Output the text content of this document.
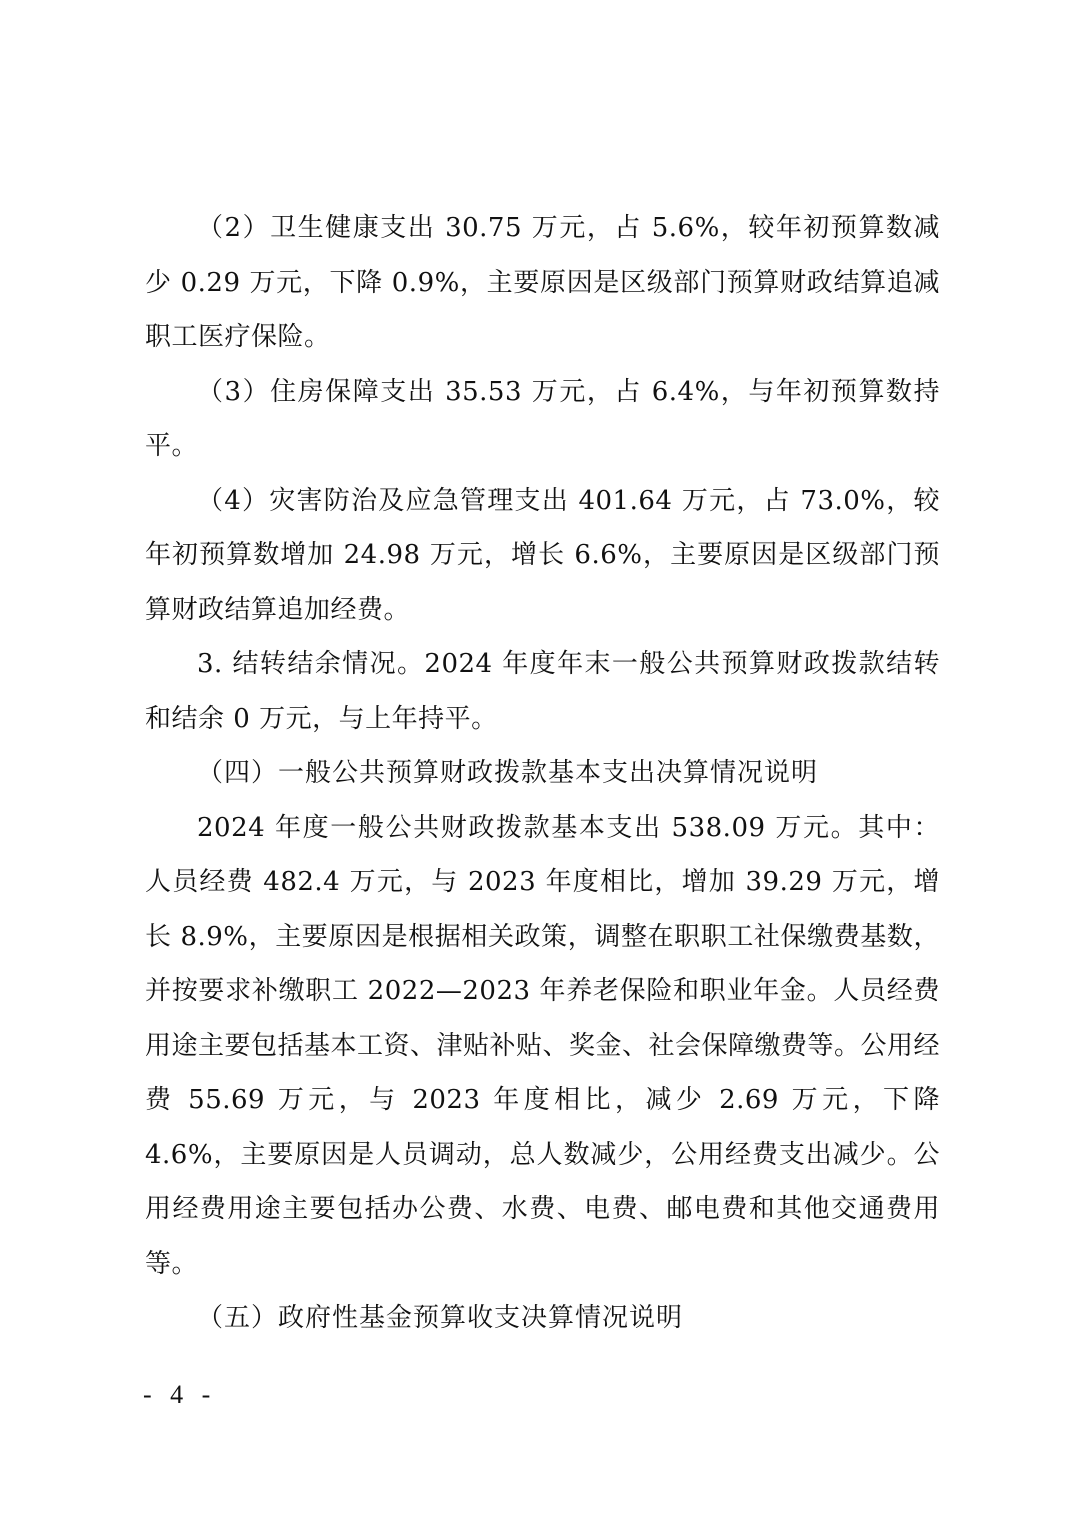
（2）卫生健康支出 30.75 万元，占 5.6%，较年初预算数减少 0.29 万元，下降 0.9%，主要原因是区级部门预算财政结算追减职工医疗保险。

（3）住房保障支出 35.53 万元，占 6.4%，与年初预算数持平。

（4）灾害防治及应急管理支出 401.64 万元，占 73.0%，较年初预算数增加 24.98 万元，增长 6.6%，主要原因是区级部门预算财政结算追加经费。

3. 结转结余情况。2024 年度年末一般公共预算财政拨款结转和结余 0 万元，与上年持平。

（四）一般公共预算财政拨款基本支出决算情况说明

2024 年度一般公共财政拨款基本支出 538.09 万元。其中：人员经费 482.4 万元，与 2023 年度相比，增加 39.29 万元，增长 8.9%，主要原因是根据相关政策，调整在职职工社保缴费基数，并按要求补缴职工 2022—2023 年养老保险和职业年金。人员经费用途主要包括基本工资、津贴补贴、奖金、社会保障缴费等。公用经费 55.69 万元，与 2023 年度相比，减少 2.69 万元，下降 4.6%，主要原因是人员调动，总人数减少，公用经费支出减少。公用经费用途主要包括办公费、水费、电费、邮电费和其他交通费用等。

（五）政府性基金预算收支决算情况说明
- 4 -
